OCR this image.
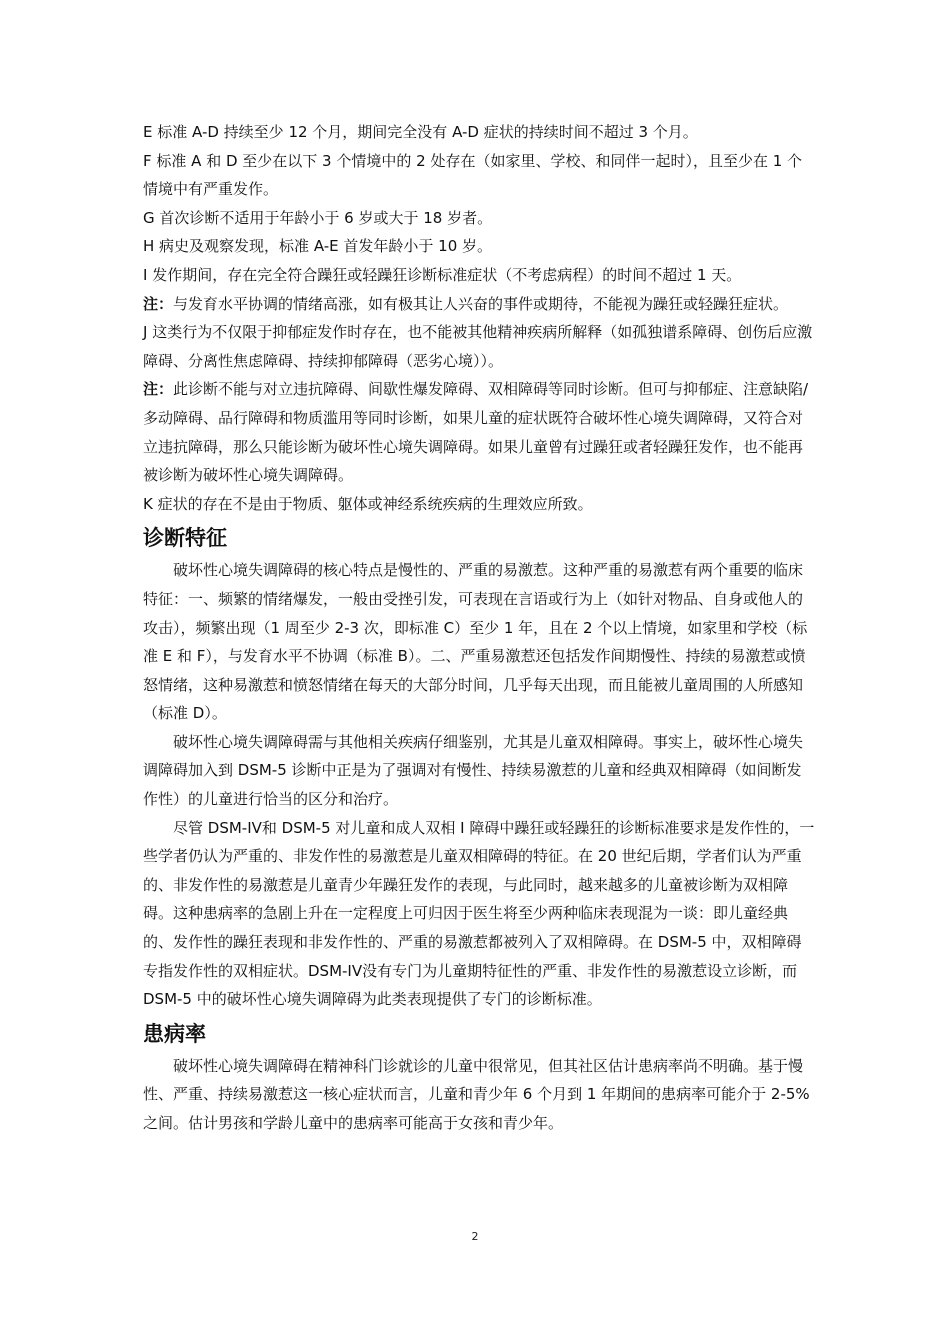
E 标准 A-D 持续至少 12 个月，期间完全没有 A-D 症状的持续时间不超过 3 个月。

F 标准 A 和 D 至少在以下 3 个情境中的 2 处存在（如家里、学校、和同伴一起时），且至少在 1 个情境中有严重发作。

G 首次诊断不适用于年龄小于 6 岁或大于 18 岁者。

H 病史及观察发现，标准 A-E 首发年龄小于 10 岁。

I 发作期间，存在完全符合躁狂或轻躁狂诊断标准症状（不考虑病程）的时间不超过 1 天。

注：与发育水平协调的情绪高涨，如有极其让人兴奋的事件或期待，不能视为躁狂或轻躁狂症状。

J 这类行为不仅限于抑郁症发作时存在，也不能被其他精神疾病所解释（如孤独谱系障碍、创伤后应激障碍、分离性焦虑障碍、持续抑郁障碍（恶劣心境））。

注：此诊断不能与对立违抗障碍、间歇性爆发障碍、双相障碍等同时诊断。但可与抑郁症、注意缺陷/多动障碍、品行障碍和物质滥用等同时诊断，如果儿童的症状既符合破坏性心境失调障碍，又符合对立违抗障碍，那么只能诊断为破坏性心境失调障碍。如果儿童曾有过躁狂或者轻躁狂发作，也不能再被诊断为破坏性心境失调障碍。

K 症状的存在不是由于物质、躯体或神经系统疾病的生理效应所致。

诊断特征

破坏性心境失调障碍的核心特点是慢性的、严重的易激惹。这种严重的易激惹有两个重要的临床特征：一、频繁的情绪爆发，一般由受挫引发，可表现在言语或行为上（如针对物品、自身或他人的攻击），频繁出现（1 周至少 2-3 次，即标准 C）至少 1 年，且在 2 个以上情境，如家里和学校（标准 E 和 F），与发育水平不协调（标准 B）。二、严重易激惹还包括发作间期慢性、持续的易激惹或愤怒情绪，这种易激惹和愤怒情绪在每天的大部分时间，几乎每天出现，而且能被儿童周围的人所感知（标准 D）。

破坏性心境失调障碍需与其他相关疾病仔细鉴别，尤其是儿童双相障碍。事实上，破坏性心境失调障碍加入到 DSM-5 诊断中正是为了强调对有慢性、持续易激惹的儿童和经典双相障碍（如间断发作性）的儿童进行恰当的区分和治疗。

尽管 DSM-IV和 DSM-5 对儿童和成人双相 I 障碍中躁狂或轻躁狂的诊断标准要求是发作性的，一些学者仍认为严重的、非发作性的易激惹是儿童双相障碍的特征。在 20 世纪后期，学者们认为严重的、非发作性的易激惹是儿童青少年躁狂发作的表现，与此同时，越来越多的儿童被诊断为双相障碍。这种患病率的急剧上升在一定程度上可归因于医生将至少两种临床表现混为一谈：即儿童经典的、发作性的躁狂表现和非发作性的、严重的易激惹都被列入了双相障碍。在 DSM-5 中，双相障碍专指发作性的双相症状。DSM-IV没有专门为儿童期特征性的严重、非发作性的易激惹设立诊断，而 DSM-5 中的破坏性心境失调障碍为此类表现提供了专门的诊断标准。

患病率

破坏性心境失调障碍在精神科门诊就诊的儿童中很常见，但其社区估计患病率尚不明确。基于慢性、严重、持续易激惹这一核心症状而言，儿童和青少年 6 个月到 1 年期间的患病率可能介于 2-5%之间。估计男孩和学龄儿童中的患病率可能高于女孩和青少年。

2
